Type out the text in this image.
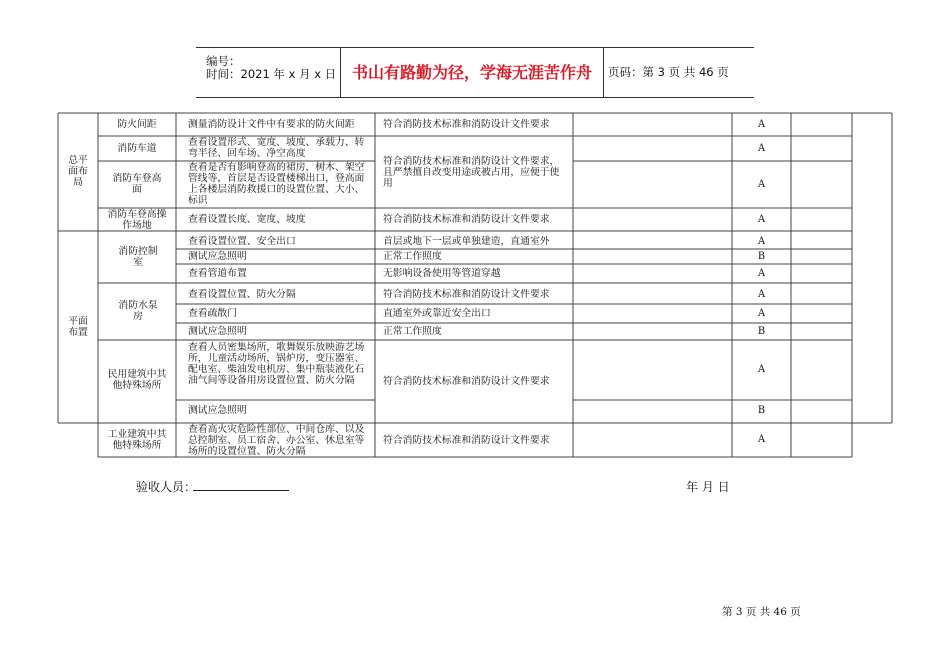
编号：
时间：2021 年 x 月 x 日 书山有路勤为径，学海无涯苦作舟	页码：第 3 页 共 46 页
总平面布局
平面布置
防火间距
消防车道
消防车登高面
消防车登高操作场地
消防控制室
消防水泵房
民用建筑中其他特殊场所
工业建筑中其他特殊场所
测量消防设计文件中有要求的防火间距
查看设置形式、宽度、坡度、承载力、转弯半径、回车场、净空高度
查看是否有影响登高的裙房，树木、架空管线等，首层是否设置楼梯出口，登高面上各楼层消防救援口的设置位置、大小、标识
查看设置长度、宽度、坡度
查看设置位置、安全出口
测试应急照明
查看管道布置
查看设置位置、防火分隔
查看疏散门
测试应急照明
查看人员密集场所，歌舞娱乐放映游艺场所，儿童活动场所，锅炉房，变压器室、配电室、柴油发电机房、集中瓶装液化石油气间等设备用房设置位置、防火分隔
测试应急照明
查看高火灾危险性部位、中间仓库、以及总控制室、员工宿舍、办公室、休息室等场所的设置位置、防火分隔
符合消防技术标准和消防设计文件要求
符合消防技术标准和消防设计文件要求，且严禁擅自改变用途或被占用，应便于使用
符合消防技术标准和消防设计文件要求
首层或地下一层或单独建造，直通室外
正常工作照度
无影响设备使用等管道穿越
符合消防技术标准和消防设计文件要求
直通室外或靠近安全出口
正常工作照度
符合消防技术标准和消防设计文件要求
符合消防技术标准和消防设计文件要求
A
A
A
A
A
B
A
A
A
B
A
B
A
验收人员：	年 月 日
第 3 页 共 46 页
